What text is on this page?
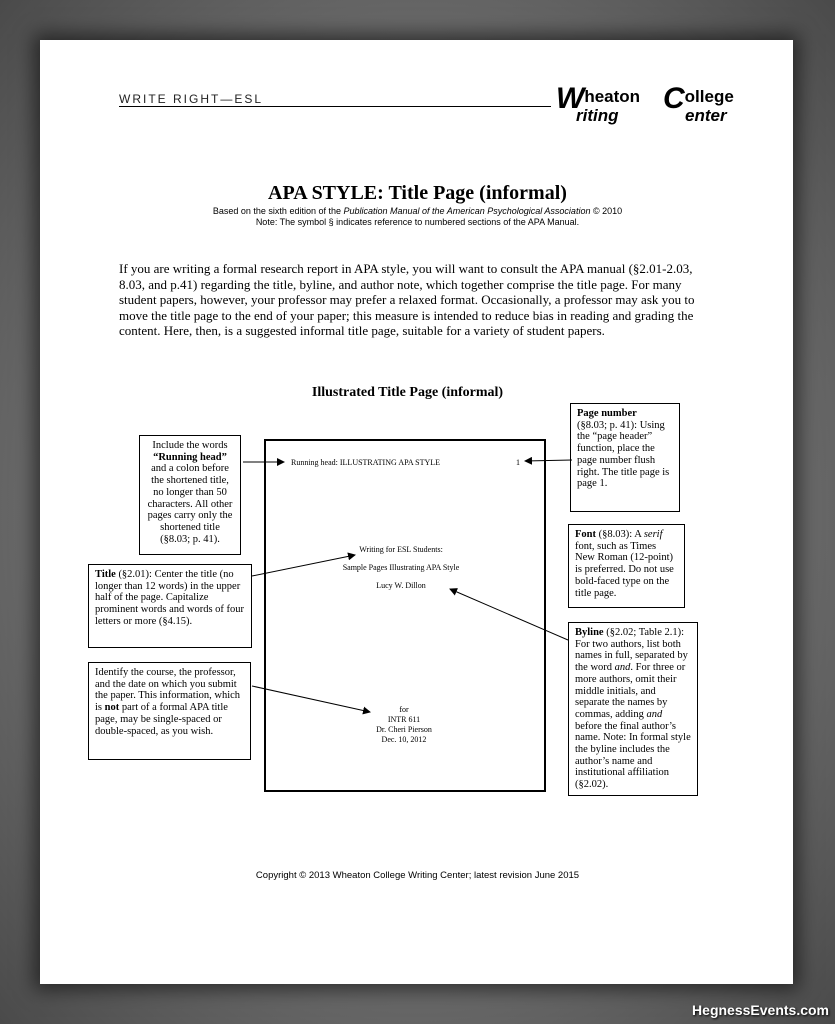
WRITE RIGHT—ESL	Wheaton
riting
College
enter
APA STYLE: Title Page (informal)
Based on the sixth edition of the Publication Manual of the American Psychological Association © 2010
Note: The symbol § indicates reference to numbered sections of the APA Manual.
If you are writing a formal research report in APA style, you will want to consult the APA manual (§2.01-2.03, 8.03, and p.41) regarding the title, byline, and author note, which together comprise the title page. For many student papers, however, your professor may prefer a relaxed format. Occasionally, a professor may ask you to move the title page to the end of your paper; this measure is intended to reduce bias in reading and grading the content. Here, then, is a suggested informal title page, suitable for a variety of student papers.
Illustrated Title Page (informal)
Running head: ILLUSTRATING APA STYLE	1
Writing for ESL Students:
Sample Pages Illustrating APA Style
Lucy W. Dillon
for
INTR 611
Dr. Cheri Pierson
Dec. 10, 2012
Include the words
“Running head”
and a colon before the shortened title, no longer than 50 characters. All other pages carry only the shortened title (§8.03; p. 41).
Title (§2.01): Center the title (no longer than 12 words) in the upper half of the page. Capitalize prominent words and words of four letters or more (§4.15).
Identify the course, the professor, and the date on which you submit the paper. This information, which is not part of a formal APA title page, may be single-spaced or double-spaced, as you wish.
Page number
(§8.03; p. 41): Using the “page header” function, place the page number flush right. The title page is page 1.
Font (§8.03): A serif font, such as Times New Roman (12-point) is preferred. Do not use bold-faced type on the title page.
Byline (§2.02; Table 2.1): For two authors, list both names in full, separated by the word and. For three or more authors, omit their middle initials, and separate the names by commas, adding and before the final author’s name. Note: In formal style the byline includes the author’s name and institutional affiliation (§2.02).
Copyright © 2013 Wheaton College Writing Center; latest revision June 2015
HegnessEvents.com
